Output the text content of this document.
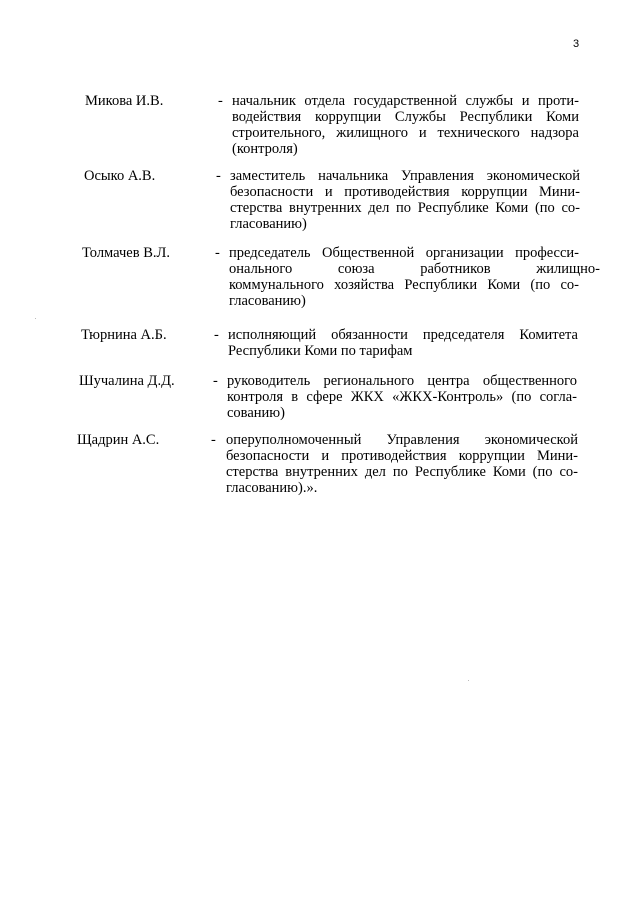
3
Микова И.В.	- начальник отдела государственной службы и проти-
водействия коррупции Службы Республики Коми
строительного, жилищного и технического надзора
(контроля)
Осыко А.В.	- заместитель начальника Управления экономической
безопасности и противодействия коррупции Мини-
стерства внутренних дел по Республике Коми (по со-
гласованию)
Толмачев В.Л.	- председатель Общественной организации професси-
онального союза работников жилищно-
коммунального хозяйства Республики Коми (по со-
гласованию)
Тюрнина А.Б.	- исполняющий обязанности председателя Комитета
Республики Коми по тарифам
Шучалина Д.Д.	- руководитель регионального центра общественного
контроля в сфере ЖКХ «ЖКХ-Контроль» (по согла-
сованию)
Щадрин А.С.	- оперуполномоченный Управления экономической
безопасности и противодействия коррупции Мини-
стерства внутренних дел по Республике Коми (по со-
гласованию).».
